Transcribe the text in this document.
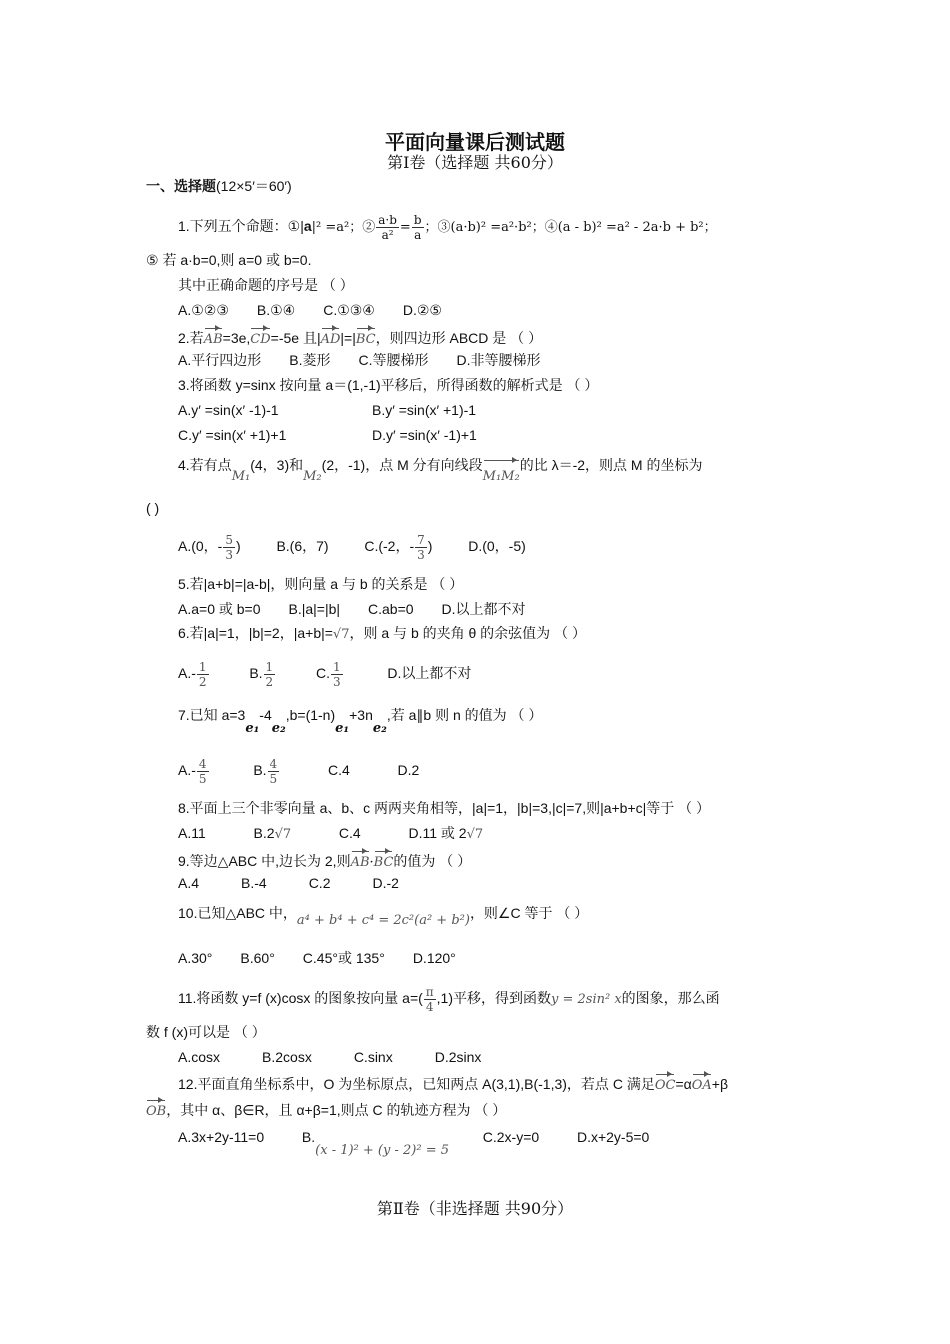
平面向量课后测试题
第Ⅰ卷（选择题 共60分）
一、选择题(12×5′＝60′)
1.下列五个命题：①|a|² =a²；② $\frac{a\cdot b}{\text{a²}} = \frac{b}{a}$ ；③(a·b)² =a²·b²；④(a - b)² =a² - 2a·b + b²；
⑤ 若 a·b=0,则 a=0 或 b=0.
其中正确命题的序号是 （ ）
A.①②③　　B.①④　　C.①③④　　D.②⑤
2.若AB=3e,CD=-5e 且|AD|=|BC，则四边形 ABCD 是 （ ）
A.平行四边形　　B.菱形　　C.等腰梯形　　D.非等腰梯形
3.将函数 y=sinx 按向量 a＝(1,-1)平移后，所得函数的解析式是 （ ）
A.y′ =sin(x′ -1)-1	B.y′ =sin(x′ +1)-1
C.y′ =sin(x′ +1)+1	D.y′ =sin(x′ -1)+1
4.若有点M₁(4，3)和M₂(2，-1)，点 M 分有向线段M₁M₂的比 λ＝-2，则点 M 的坐标为
( )
A.(0，- $\frac{5}{3}$ )	B.(6，7)	C.(-2，- $\frac{7}{3}$ )	D.(0，-5)
5.若|a+b|=|a-b|，则向量 a 与 b 的关系是 （ ）
A.a=0 或 b=0　　B.|a|=|b|　　C.ab=0　　D.以上都不对
6.若|a|=1，|b|=2，|a+b|=√7，则 a 与 b 的夹角 θ 的余弦值为 （ ）
$A.- \frac{1}{2}$	B. $\frac{1}{2}$	C. $\frac{1}{3}$	D.以上都不对
7.已知 a=3e₁-4e₂,b=(1-n)e₁+3ne₂,若 a∥b 则 n 的值为 （ ）
$A.- \frac{4}{5}$	B. $\frac{4}{5}$	C.4	D.2
8.平面上三个非零向量 a、b、c 两两夹角相等，|a|=1，|b|=3,|c|=7,则|a+b+c|等于 （ ）
A.11	B.2√7	C.4	D.11 或 2√7
9.等边△ABC 中,边长为 2,则AB·BC的值为 （ ）
A.4　　　B.-4　　　C.2　　　D.-2
10.已知△ABC 中，a⁴ + b⁴ + c⁴ = 2c²(a² + b²)，则∠C 等于 （ ）
A.30°　　B.60°　　C.45°或 135°　　D.120°
11.将函数 y=f (x)cosx 的图象按向量 $a=( \frac{\pi}{4} ,1)$平移，得到函数y = 2sin² x的图象，那么函
数 f (x)可以是 （ ）
A.cosx　　　B.2cosx　　　C.sinx　　　D.2sinx
12.平面直角坐标系中，O 为坐标原点，已知两点 A(3,1),B(-1,3)，若点 C 满足OC=αOA+β
OB，其中 α、β∈R，且 α+β=1,则点 C 的轨迹方程为 （ ）
A.3x+2y-11=0	B.(x - 1)² + (y - 2)² = 5  C.2x-y=0	D.x+2y-5=0
第Ⅱ卷（非选择题 共90分）
